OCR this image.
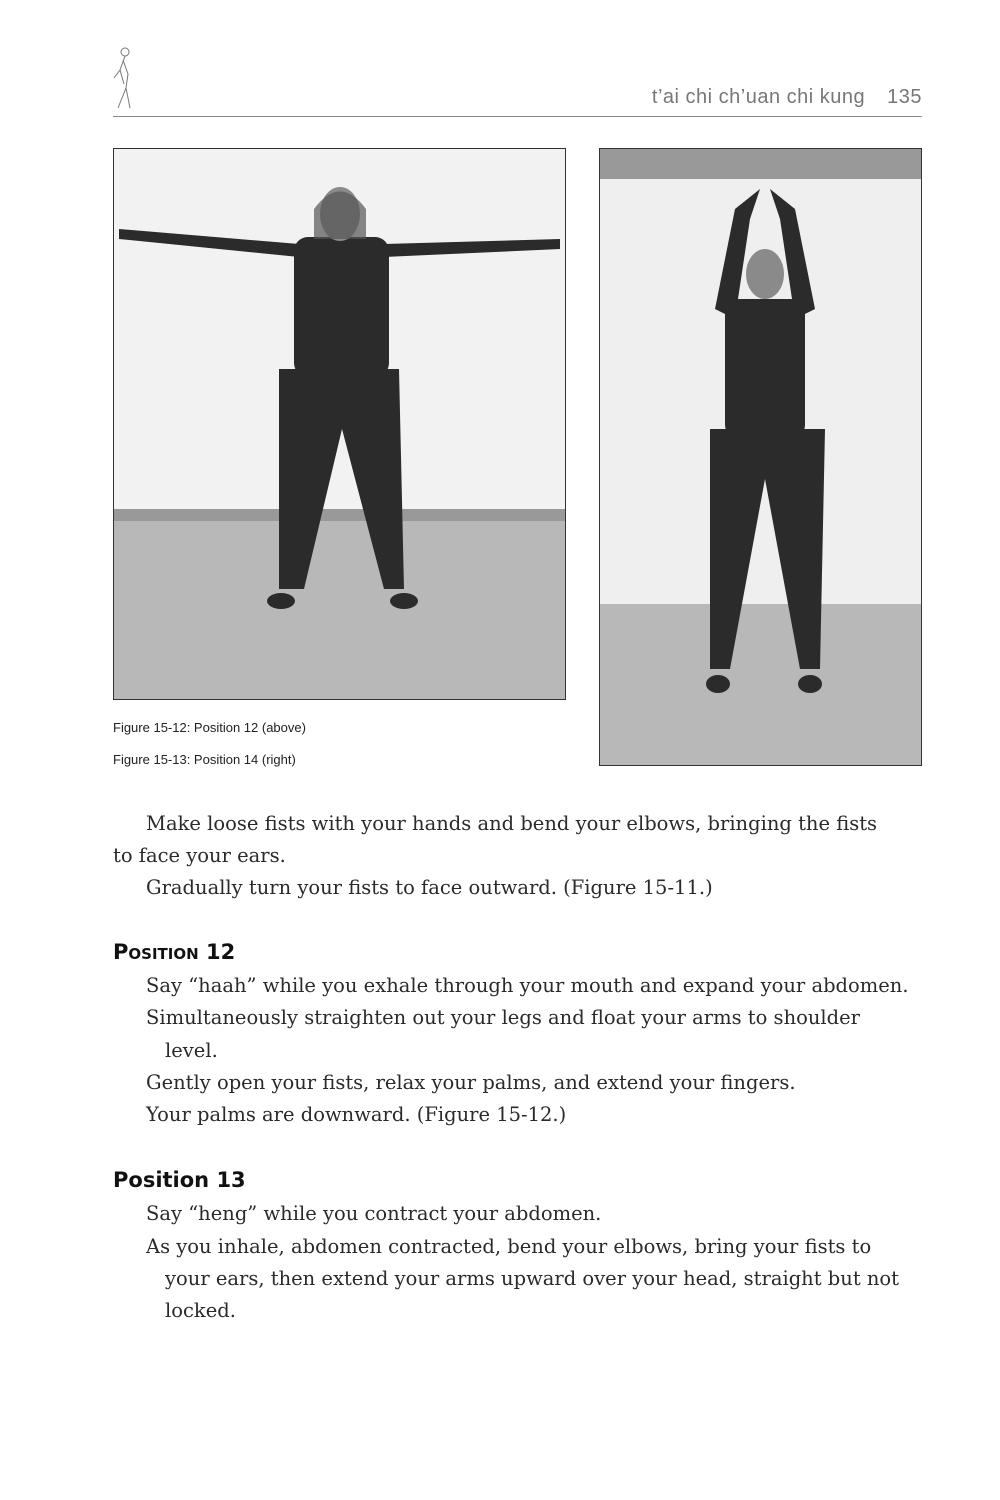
t’ai chi ch’uan chi kung 135
Figure 15-12: Position 12 (above)
Figure 15-13: Position 14 (right)
Make loose fists with your hands and bend your elbows, bringing the fists
to face your ears.
Gradually turn your fists to face outward. (Figure 15-11.)
Position 12
Say “haah” while you exhale through your mouth and expand your abdomen.
Simultaneously straighten out your legs and float your arms to shoulder
level.
Gently open your fists, relax your palms, and extend your fingers.
Your palms are downward. (Figure 15-12.)
Position 13
Say “heng” while you contract your abdomen.
As you inhale, abdomen contracted, bend your elbows, bring your fists to
your ears, then extend your arms upward over your head, straight but not
locked.
